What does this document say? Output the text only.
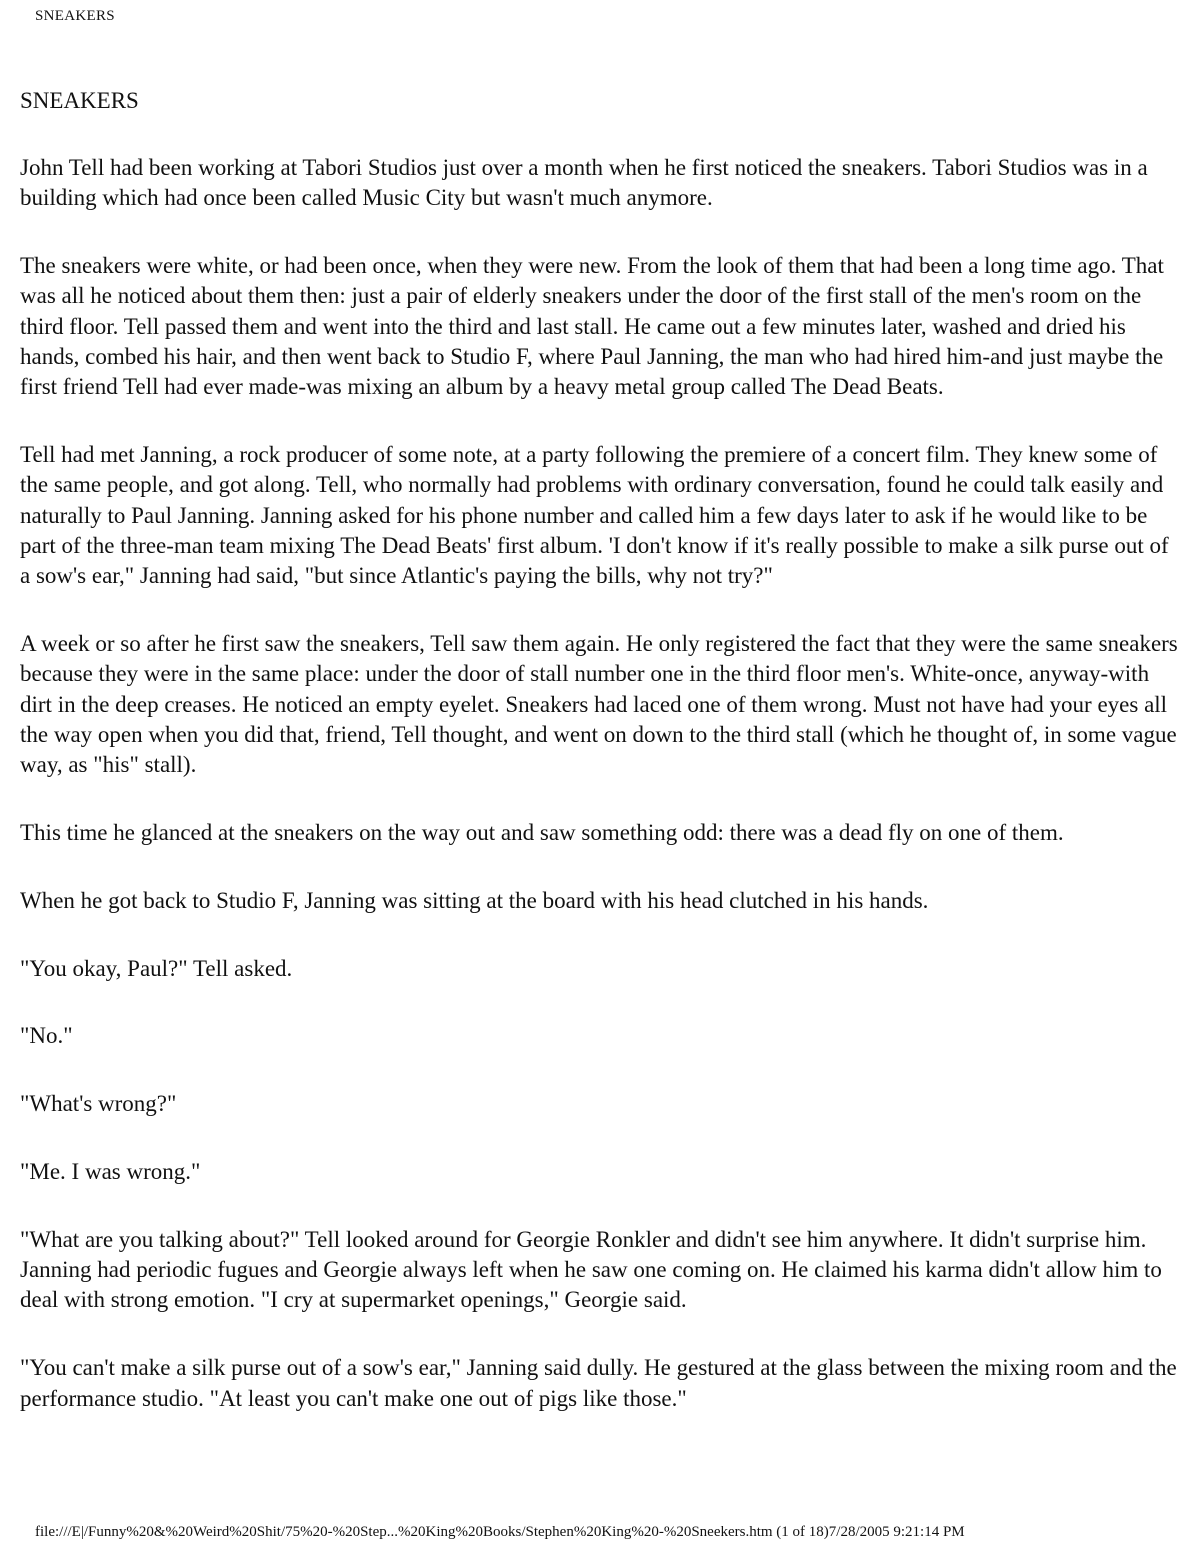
SNEAKERS
SNEAKERS

John Tell had been working at Tabori Studios just over a month when he first noticed the sneakers. Tabori Studios was in a building which had once been called Music City but wasn't much anymore.

The sneakers were white, or had been once, when they were new. From the look of them that had been a long time ago. That was all he noticed about them then: just a pair of elderly sneakers under the door of the first stall of the men's room on the third floor. Tell passed them and went into the third and last stall. He came out a few minutes later, washed and dried his hands, combed his hair, and then went back to Studio F, where Paul Janning, the man who had hired him-and just maybe the first friend Tell had ever made-was mixing an album by a heavy metal group called The Dead Beats.

Tell had met Janning, a rock producer of some note, at a party following the premiere of a concert film. They knew some of the same people, and got along. Tell, who normally had problems with ordinary conversation, found he could talk easily and naturally to Paul Janning. Janning asked for his phone number and called him a few days later to ask if he would like to be part of the three-man team mixing The Dead Beats' first album. 'I don't know if it's really possible to make a silk purse out of a sow's ear," Janning had said, "but since Atlantic's paying the bills, why not try?"

A week or so after he first saw the sneakers, Tell saw them again. He only registered the fact that they were the same sneakers because they were in the same place: under the door of stall number one in the third floor men's. White-once, anyway-with dirt in the deep creases. He noticed an empty eyelet. Sneakers had laced one of them wrong. Must not have had your eyes all the way open when you did that, friend, Tell thought, and went on down to the third stall (which he thought of, in some vague way, as "his" stall).

This time he glanced at the sneakers on the way out and saw something odd: there was a dead fly on one of them.

When he got back to Studio F, Janning was sitting at the board with his head clutched in his hands.

"You okay, Paul?" Tell asked.

"No."

"What's wrong?"

"Me. I was wrong."

"What are you talking about?" Tell looked around for Georgie Ronkler and didn't see him anywhere. It didn't surprise him. Janning had periodic fugues and Georgie always left when he saw one coming on. He claimed his karma didn't allow him to deal with strong emotion. "I cry at supermarket openings," Georgie said.

"You can't make a silk purse out of a sow's ear," Janning said dully. He gestured at the glass between the mixing room and the performance studio. "At least you can't make one out of pigs like those."

file:///E|/Funny%20&%20Weird%20Shit/75%20-%20Step...%20King%20Books/Stephen%20King%20-%20Sneekers.htm (1 of 18)7/28/2005 9:21:14 PM
